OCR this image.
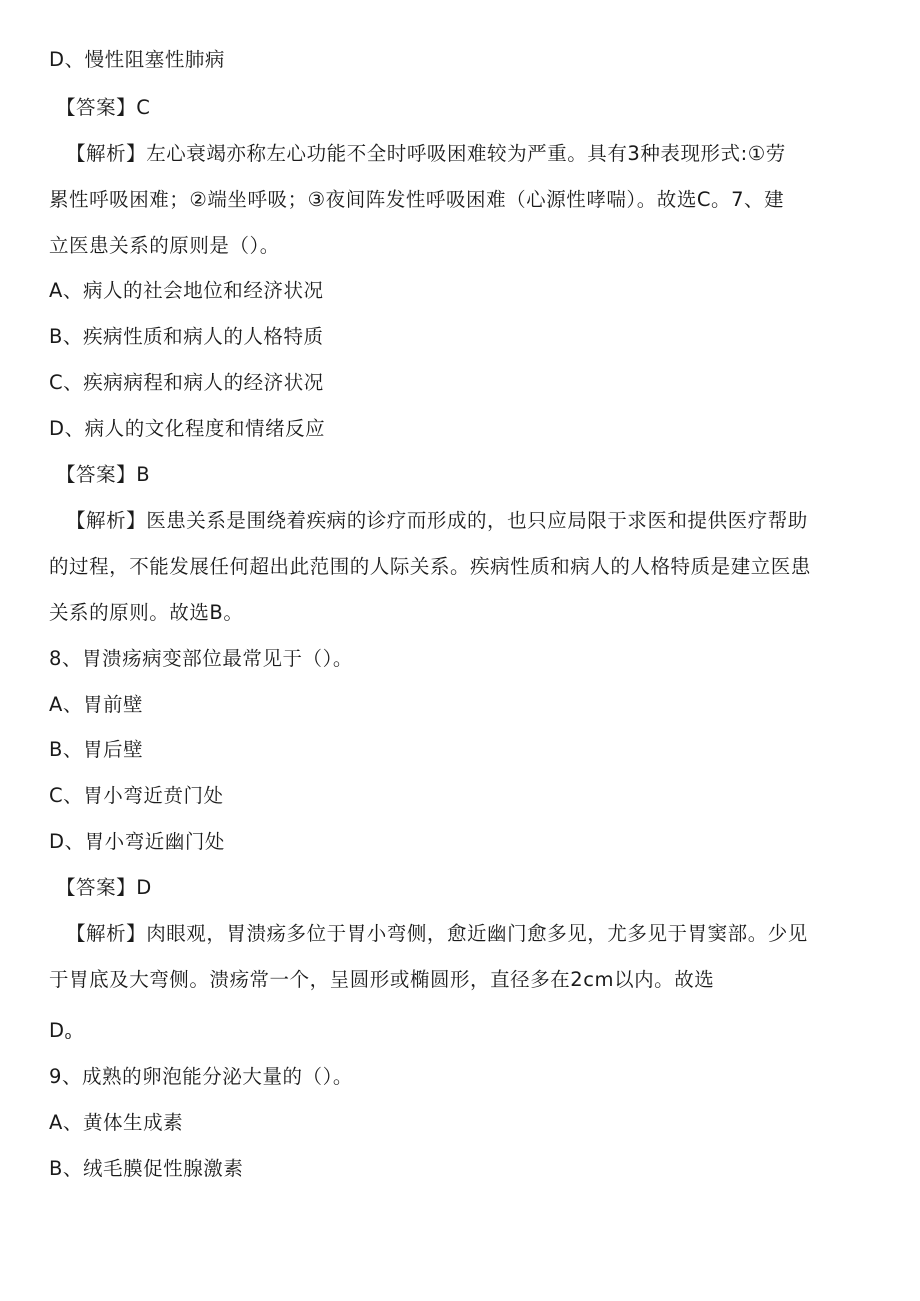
D、慢性阻塞性肺病
【答案】C
【解析】左心衰竭亦称左心功能不全时呼吸困难较为严重。具有3种表现形式:①劳
累性呼吸困难；②端坐呼吸；③夜间阵发性呼吸困难（心源性哮喘）。故选C。7、建
立医患关系的原则是（）。
A、病人的社会地位和经济状况
B、疾病性质和病人的人格特质
C、疾病病程和病人的经济状况
D、病人的文化程度和情绪反应
【答案】B
【解析】医患关系是围绕着疾病的诊疗而形成的，也只应局限于求医和提供医疗帮助
的过程，不能发展任何超出此范围的人际关系。疾病性质和病人的人格特质是建立医患
关系的原则。故选B。
8、胃溃疡病变部位最常见于（）。
A、胃前壁
B、胃后壁
C、胃小弯近贲门处
D、胃小弯近幽门处
【答案】D
【解析】肉眼观，胃溃疡多位于胃小弯侧，愈近幽门愈多见，尤多见于胃窦部。少见
于胃底及大弯侧。溃疡常一个，呈圆形或椭圆形，直径多在2cm以内。故选
Do
9、成熟的卵泡能分泌大量的（）。
A、黄体生成素
B、绒毛膜促性腺激素
